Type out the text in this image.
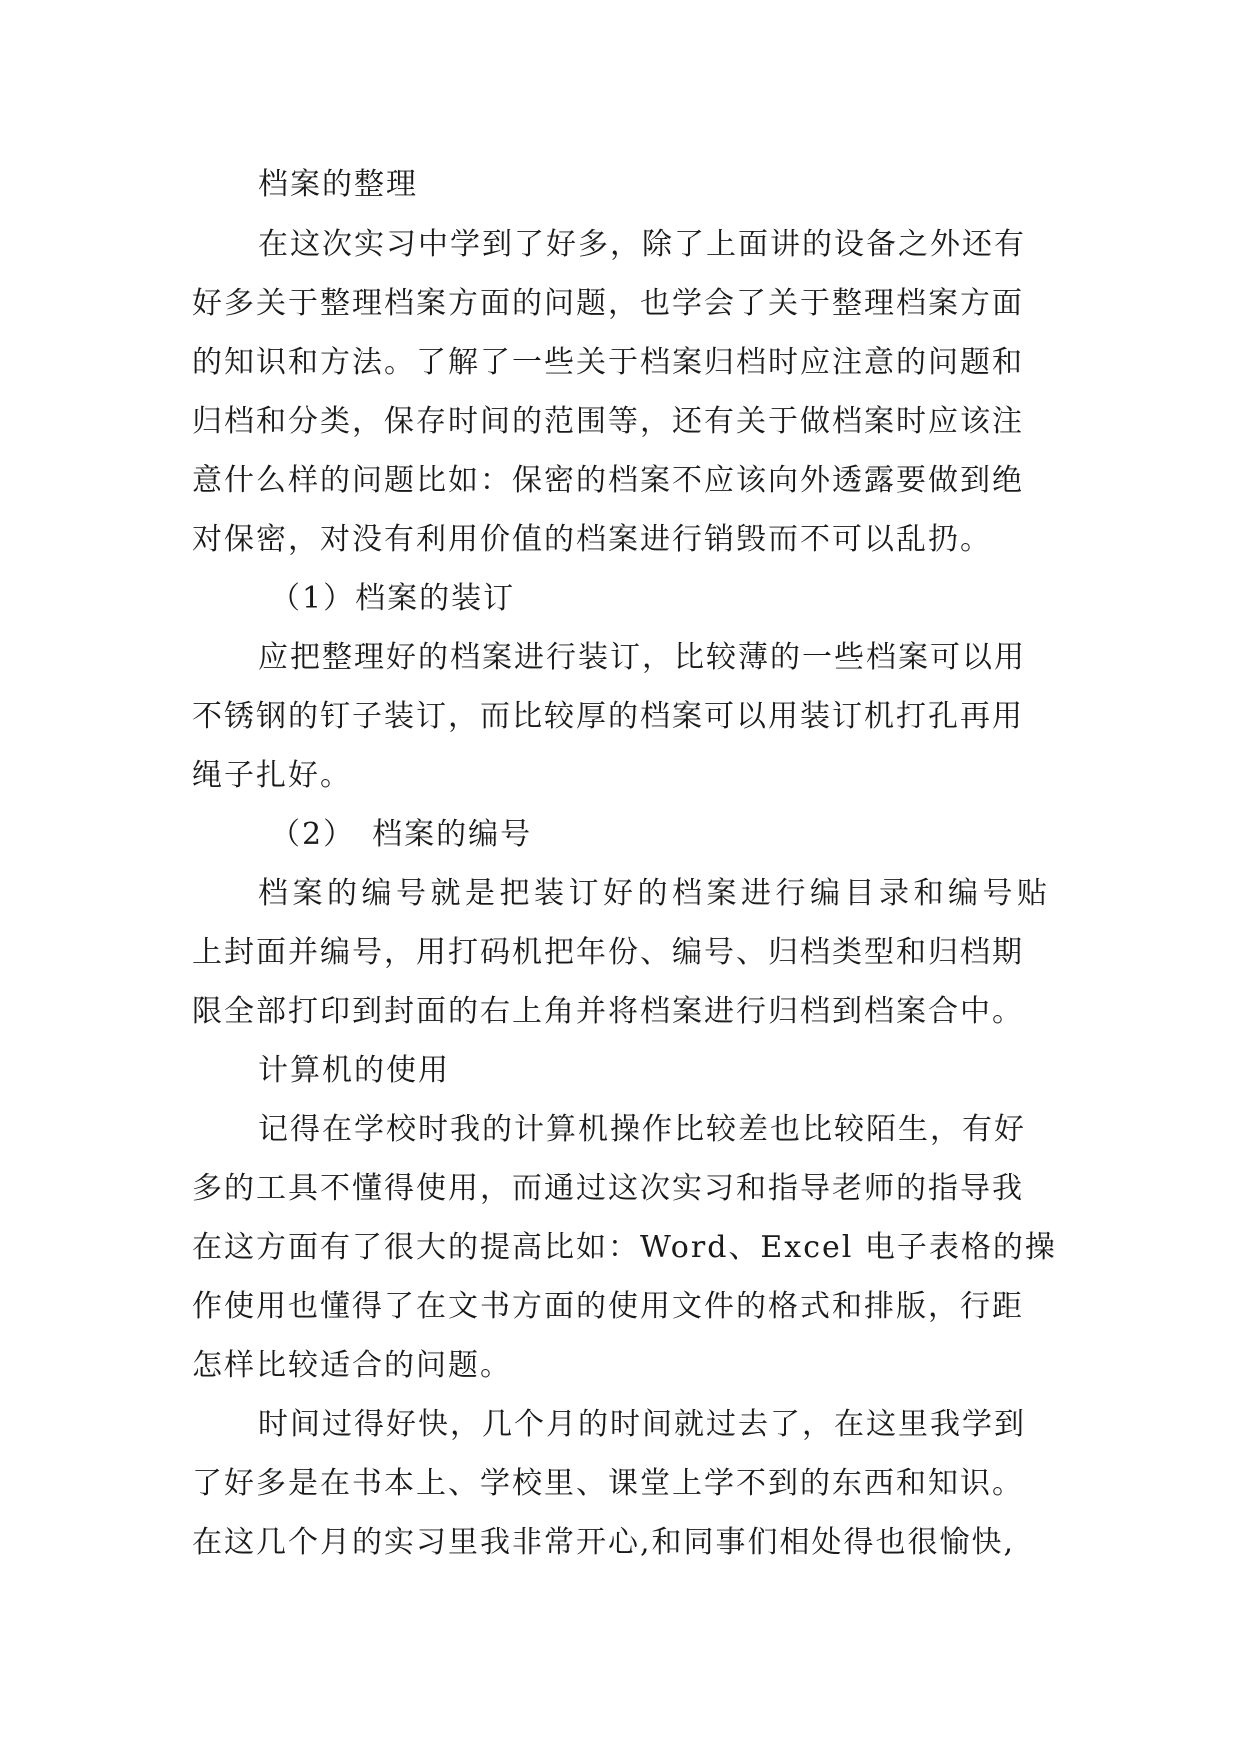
档案的整理
在这次实习中学到了好多，除了上面讲的设备之外还有
好多关于整理档案方面的问题，也学会了关于整理档案方面
的知识和方法。了解了一些关于档案归档时应注意的问题和
归档和分类，保存时间的范围等，还有关于做档案时应该注
意什么样的问题比如：保密的档案不应该向外透露要做到绝
对保密，对没有利用价值的档案进行销毁而不可以乱扔。
（1）档案的装订
应把整理好的档案进行装订，比较薄的一些档案可以用
不锈钢的钉子装订，而比较厚的档案可以用装订机打孔再用
绳子扎好。
（2）　档案的编号
档案的编号就是把装订好的档案进行编目录和编号贴
上封面并编号，用打码机把年份、编号、归档类型和归档期
限全部打印到封面的右上角并将档案进行归档到档案合中。
计算机的使用
记得在学校时我的计算机操作比较差也比较陌生，有好
多的工具不懂得使用，而通过这次实习和指导老师的指导我
在这方面有了很大的提高比如：Word、Excel 电子表格的操
作使用也懂得了在文书方面的使用文件的格式和排版，行距
怎样比较适合的问题。
时间过得好快，几个月的时间就过去了，在这里我学到
了好多是在书本上、学校里、课堂上学不到的东西和知识。
在这几个月的实习里我非常开心,和同事们相处得也很愉快,
